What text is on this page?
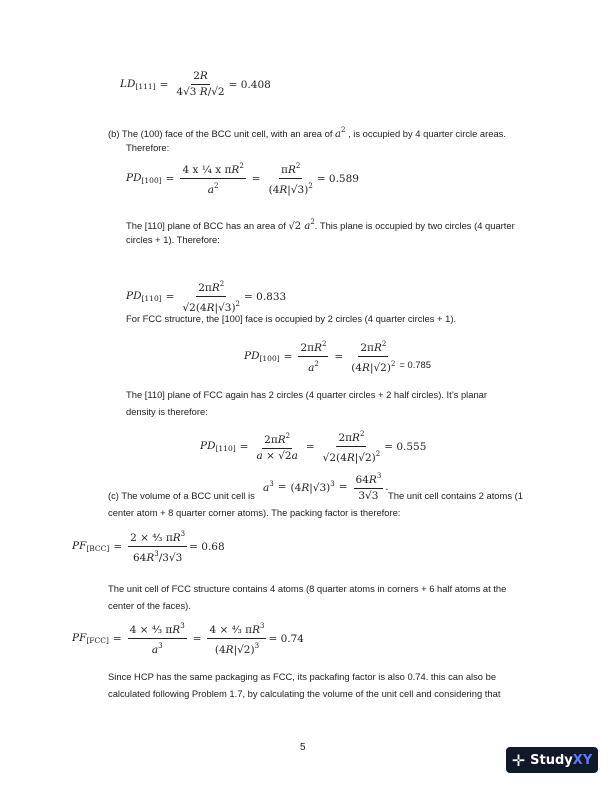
$LD_{[111]} = \frac{2R}{4√3 R/√2} = 0.408$
(b) The (100) face of the BCC unit cell, with an area of $a^2$ , is occupied by 4 quarter circle areas.
Therefore:
$PD_{[100]} = \frac{4 x \frac{1}{4} x \pi R^2}{a^2} = \frac{\pi R^2}{(4R|√3)^2} = 0.589$
The [110] plane of BCC has an area of √2 $a^2$. This plane is occupied by two circles (4 quarter
circles + 1). Therefore:
$PD_{[110]} = \frac{2\pi R^2}{√2(4R|√3)^2} = 0.833$
For FCC structure, the [100] face is occupied by 2 circles (4 quarter circles + 1).
$PD_{[100]} = \frac{2\pi R^2}{a^2} = \frac{2\pi R^2}{(4R|√2)^2} = 0.785$
The [110] plane of FCC again has 2 circles (4 quarter circles + 2 half circles). It’s planar
density is therefore:
$PD_{[110]} = \frac{2\pi R^2}{a \times √2a} = \frac{2\pi R^2}{√2(4R|√2)^2} = 0.555$
$a^3 = (4R|√3)^3 = \frac{64R^3}{3√3}$ .
(c) The volume of a BCC unit cell is	The unit cell contains 2 atoms (1
center atom + 8 quarter corner atoms). The packing factor is therefore:
$PF_{[BCC]} = \frac{2 \times ^4⁄_3 \pi R^3}{64R^3/3√3} = 0.68$
The unit cell of FCC structure contains 4 atoms (8 quarter atoms in corners + 6 half atoms at the
center of the faces).
$PF_{[FCC]} = \frac{4 \times ^4⁄_3 \pi R^3}{a^3} = \frac{4 \times ^4⁄_3 \pi R^3}{(4R|√2)^3} = 0.74$
Since HCP has the same packaging as FCC, its packafing factor is also 0.74. this can also be
calculated following Problem 1.7, by calculating the volume of the unit cell and considering that
5
✛ Study XY
